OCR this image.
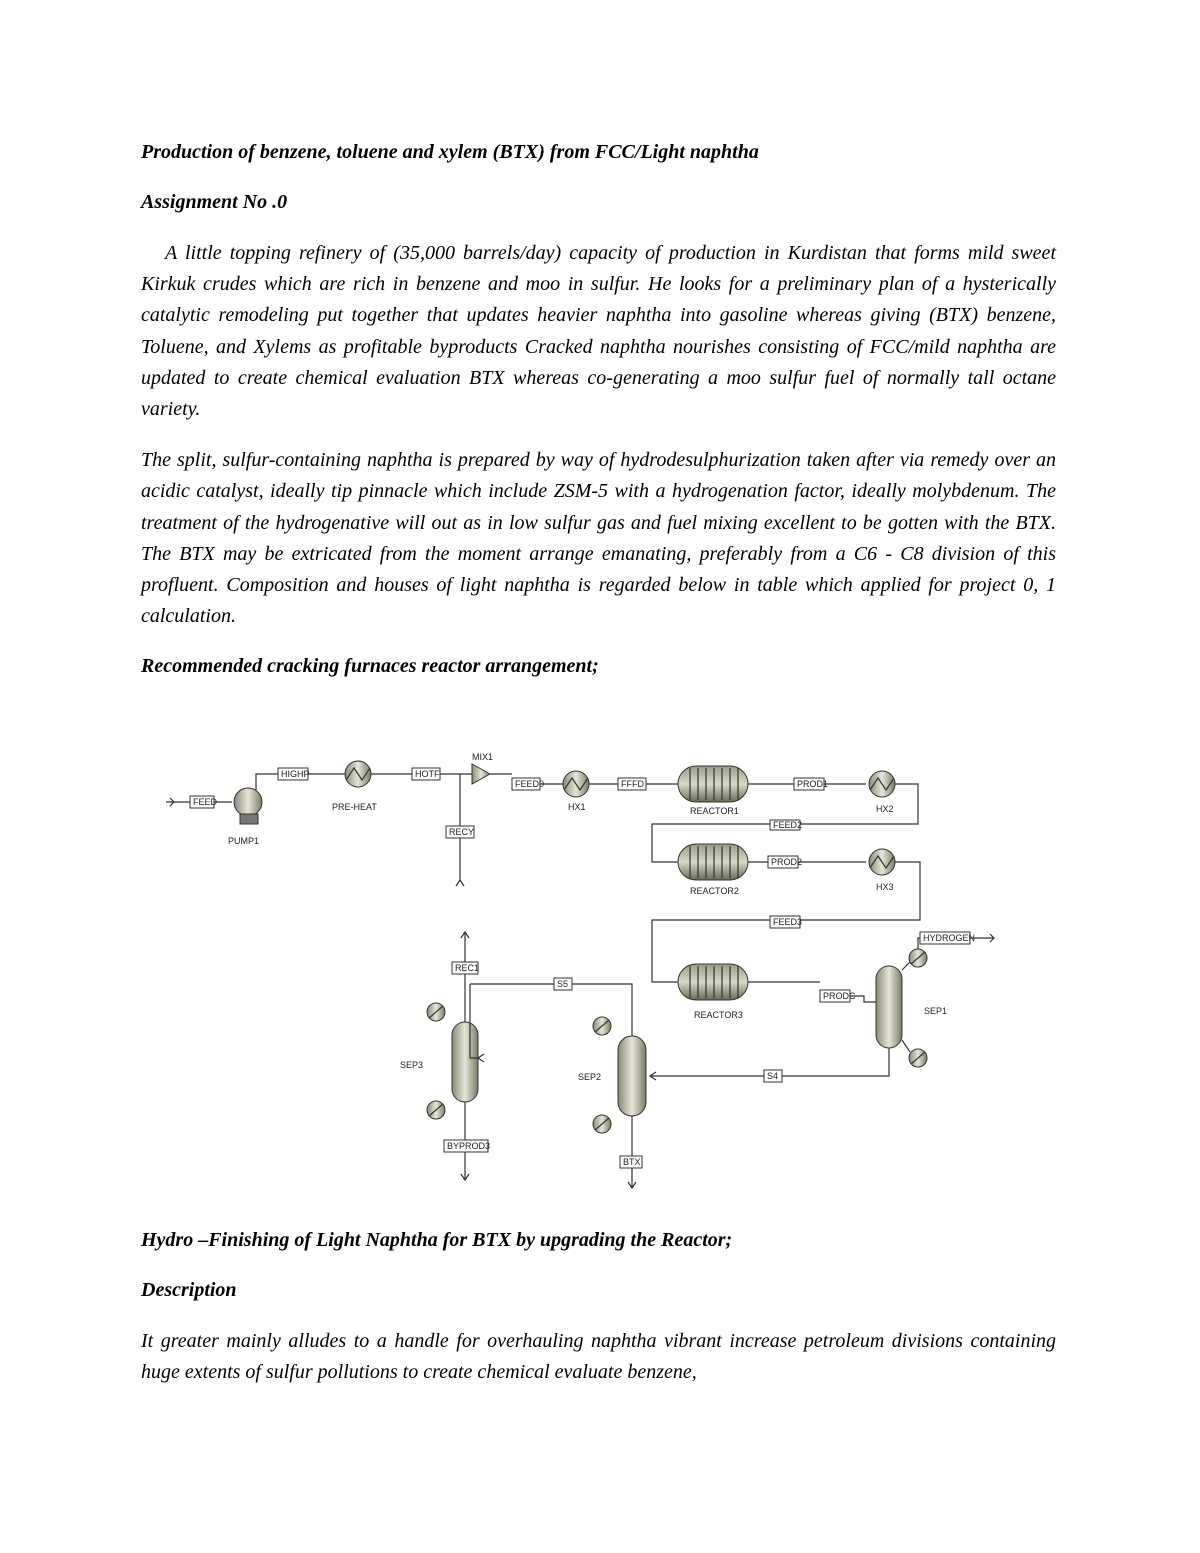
Production of benzene, toluene and xylem (BTX) from FCC/Light naphtha
Assignment No .0

A little topping refinery of (35,000 barrels/day) capacity of production in Kurdistan that forms mild sweet Kirkuk crudes which are rich in benzene and moo in sulfur. He looks for a preliminary plan of a hysterically catalytic remodeling put together that updates heavier naphtha into gasoline whereas giving (BTX) benzene, Toluene, and Xylems as profitable byproducts Cracked naphtha nourishes consisting of FCC/mild naphtha are updated to create chemical evaluation BTX whereas co-generating a moo sulfur fuel of normally tall octane variety.

The split, sulfur-containing naphtha is prepared by way of hydrodesulphurization taken after via remedy over an acidic catalyst, ideally tip pinnacle which include ZSM-5 with a hydrogenation factor, ideally molybdenum. The treatment of the hydrogenative will out as in low sulfur gas and fuel mixing excellent to be gotten with the BTX. The BTX may be extricated from the moment arrange emanating, preferably from a C6 - C8 division of this profluent. Composition and houses of light naphtha is regarded below in table which applied for project 0, 1 calculation.

Recommended cracking furnaces reactor arrangement;
FEED
PUMP1
HIGHP
PRE-HEAT
HOTF
MIX1
RECY
FEED0
HX1
FFFD
REACTOR1
PROD1
HX2
FEED2
REACTOR2
PROD2
HX3
FEED3
REACTOR3
PRODC
SEP1
HYDROGEN
S4
SEP2
S5
BTX
SEP3
REC1
BYPROD3
Hydro –Finishing of Light Naphtha for BTX by upgrading the Reactor;
Description

It greater mainly alludes to a handle for overhauling naphtha vibrant increase petroleum divisions containing huge extents of sulfur pollutions to create chemical evaluate benzene,
